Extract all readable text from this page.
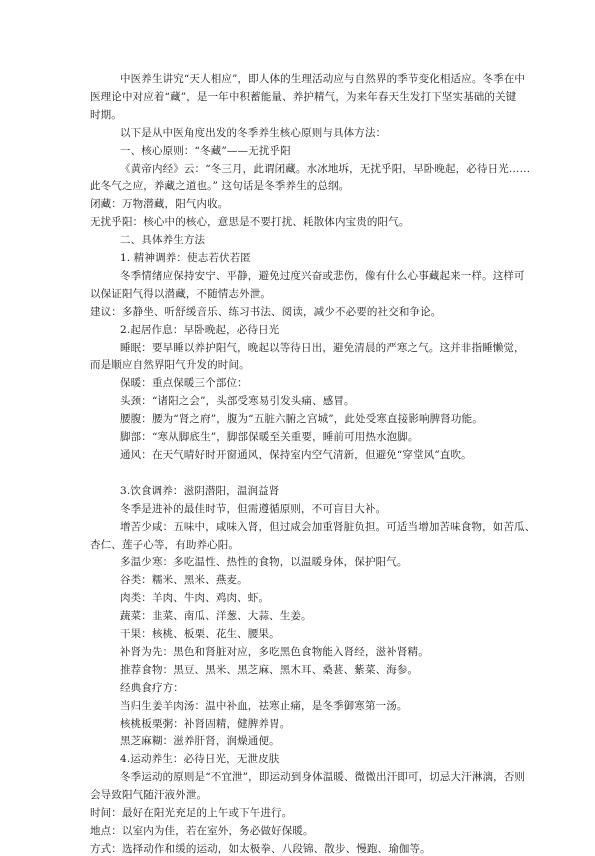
中医养生讲究“天人相应”，即人体的生理活动应与自然界的季节变化相适应。冬季在中
医理论中对应着“藏”，是一年中积蓄能量、养护精气，为来年春天生发打下坚实基础的关键
时期。
以下是从中医角度出发的冬季养生核心原则与具体方法：
一、核心原则：“冬藏”——无扰乎阳
《黄帝内经》云：“冬三月，此谓闭藏。水冰地坼，无扰乎阳，早卧晚起，必待日光……
此冬气之应，养藏之道也。” 这句话是冬季养生的总纲。
闭藏：万物潜藏，阳气内收。
无扰乎阳：核心中的核心，意思是不要打扰、耗散体内宝贵的阳气。
二、具体养生方法
1. 精神调养：使志若伏若匿
冬季情绪应保持安宁、平静，避免过度兴奋或悲伤，像有什么心事藏起来一样。这样可
以保证阳气得以潜藏，不随情志外泄。
建议：多静坐、听舒缓音乐、练习书法、阅读，减少不必要的社交和争论。
2.起居作息：早卧晚起，必待日光
睡眠：要早睡以养护阳气，晚起以等待日出，避免清晨的严寒之气。这并非指睡懒觉，
而是顺应自然界阳气升发的时间。
保暖：重点保暖三个部位：
头颈：“诸阳之会”，头部受寒易引发头痛、感冒。
腰腹：腰为“肾之府”，腹为“五脏六腑之宫城”，此处受寒直接影响脾肾功能。
脚部：“寒从脚底生”，脚部保暖至关重要，睡前可用热水泡脚。
通风：在天气晴好时开窗通风，保持室内空气清新，但避免“穿堂风”直吹。
3.饮食调养：滋阴潜阳，温润益肾
冬季是进补的最佳时节，但需遵循原则，不可盲目大补。
增苦少咸：五味中，咸味入肾，但过咸会加重肾脏负担。可适当增加苦味食物，如苦瓜、
杏仁、莲子心等，有助养心阳。
多温少寒：多吃温性、热性的食物，以温暖身体，保护阳气。
谷类：糯米、黑米、燕麦。
肉类：羊肉、牛肉、鸡肉、虾。
蔬菜：韭菜、南瓜、洋葱、大蒜、生姜。
干果：核桃、板栗、花生、腰果。
补肾为先：黑色和肾脏对应，多吃黑色食物能入肾经，滋补肾精。
推荐食物：黑豆、黑米、黑芝麻、黑木耳、桑葚、紫菜、海参。
经典食疗方：
当归生姜羊肉汤：温中补血，祛寒止痛，是冬季御寒第一汤。
核桃板栗粥：补肾固精，健脾养胃。
黑芝麻糊：滋养肝肾，润燥通便。
4.运动养生：必待日光，无泄皮肤
冬季运动的原则是“不宜泄”，即运动到身体温暖、微微出汗即可，切忌大汗淋漓，否则
会导致阳气随汗液外泄。
时间：最好在阳光充足的上午或下午进行。
地点：以室内为佳，若在室外，务必做好保暖。
方式：选择动作和缓的运动，如太极拳、八段锦、散步、慢跑、瑜伽等。
